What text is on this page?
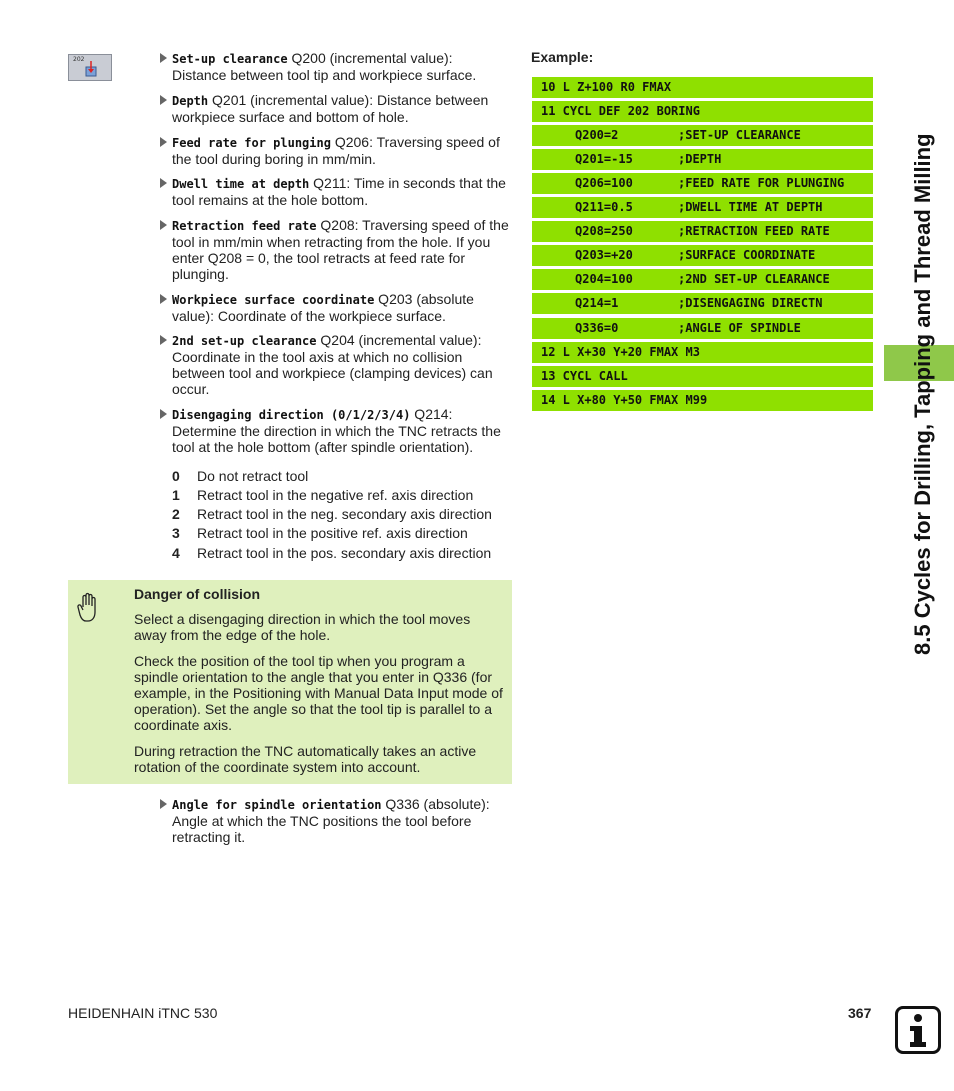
202	Set-up clearance Q200 (incremental value): Distance between tool tip and workpiece surface.
Depth Q201 (incremental value): Distance between workpiece surface and bottom of hole.
Feed rate for plunging Q206: Traversing speed of the tool during boring in mm/min.
Dwell time at depth Q211: Time in seconds that the tool remains at the hole bottom.
Retraction feed rate Q208: Traversing speed of the tool in mm/min when retracting from the hole. If you enter Q208 = 0, the tool retracts at feed rate for plunging.
Workpiece surface coordinate Q203 (absolute value): Coordinate of the workpiece surface.
2nd set-up clearance Q204 (incremental value): Coordinate in the tool axis at which no collision between tool and workpiece (clamping devices) can occur.
Disengaging direction (0/1/2/3/4) Q214: Determine the direction in which the TNC retracts the tool at the hole bottom (after spindle orientation).
0 Do not retract tool
1 Retract tool in the negative ref. axis direction
2 Retract tool in the neg. secondary axis direction
3 Retract tool in the positive ref. axis direction
4 Retract tool in the pos. secondary axis direction
Danger of collision
Select a disengaging direction in which the tool moves away from the edge of the hole.
Check the position of the tool tip when you program a spindle orientation to the angle that you enter in Q336 (for example, in the Positioning with Manual Data Input mode of operation). Set the angle so that the tool tip is parallel to a coordinate axis.
During retraction the TNC automatically takes an active rotation of the coordinate system into account.
Angle for spindle orientation Q336 (absolute): Angle at which the TNC positions the tool before retracting it.
Example:
10 L Z+100 R0 FMAX
11 CYCL DEF 202 BORING
Q200=2	;SET-UP CLEARANCE
Q201=-15	;DEPTH
Q206=100	;FEED RATE FOR PLUNGING
Q211=0.5	;DWELL TIME AT DEPTH
Q208=250	;RETRACTION FEED RATE
Q203=+20	;SURFACE COORDINATE
Q204=100	;2ND SET-UP CLEARANCE
Q214=1	;DISENGAGING DIRECTN
Q336=0	;ANGLE OF SPINDLE
12 L X+30 Y+20 FMAX M3
13 CYCL CALL
14 L X+80 Y+50 FMAX M99	8.5 Cycles for Drilling, Tapping and Thread Milling
HEIDENHAIN iTNC 530	367
